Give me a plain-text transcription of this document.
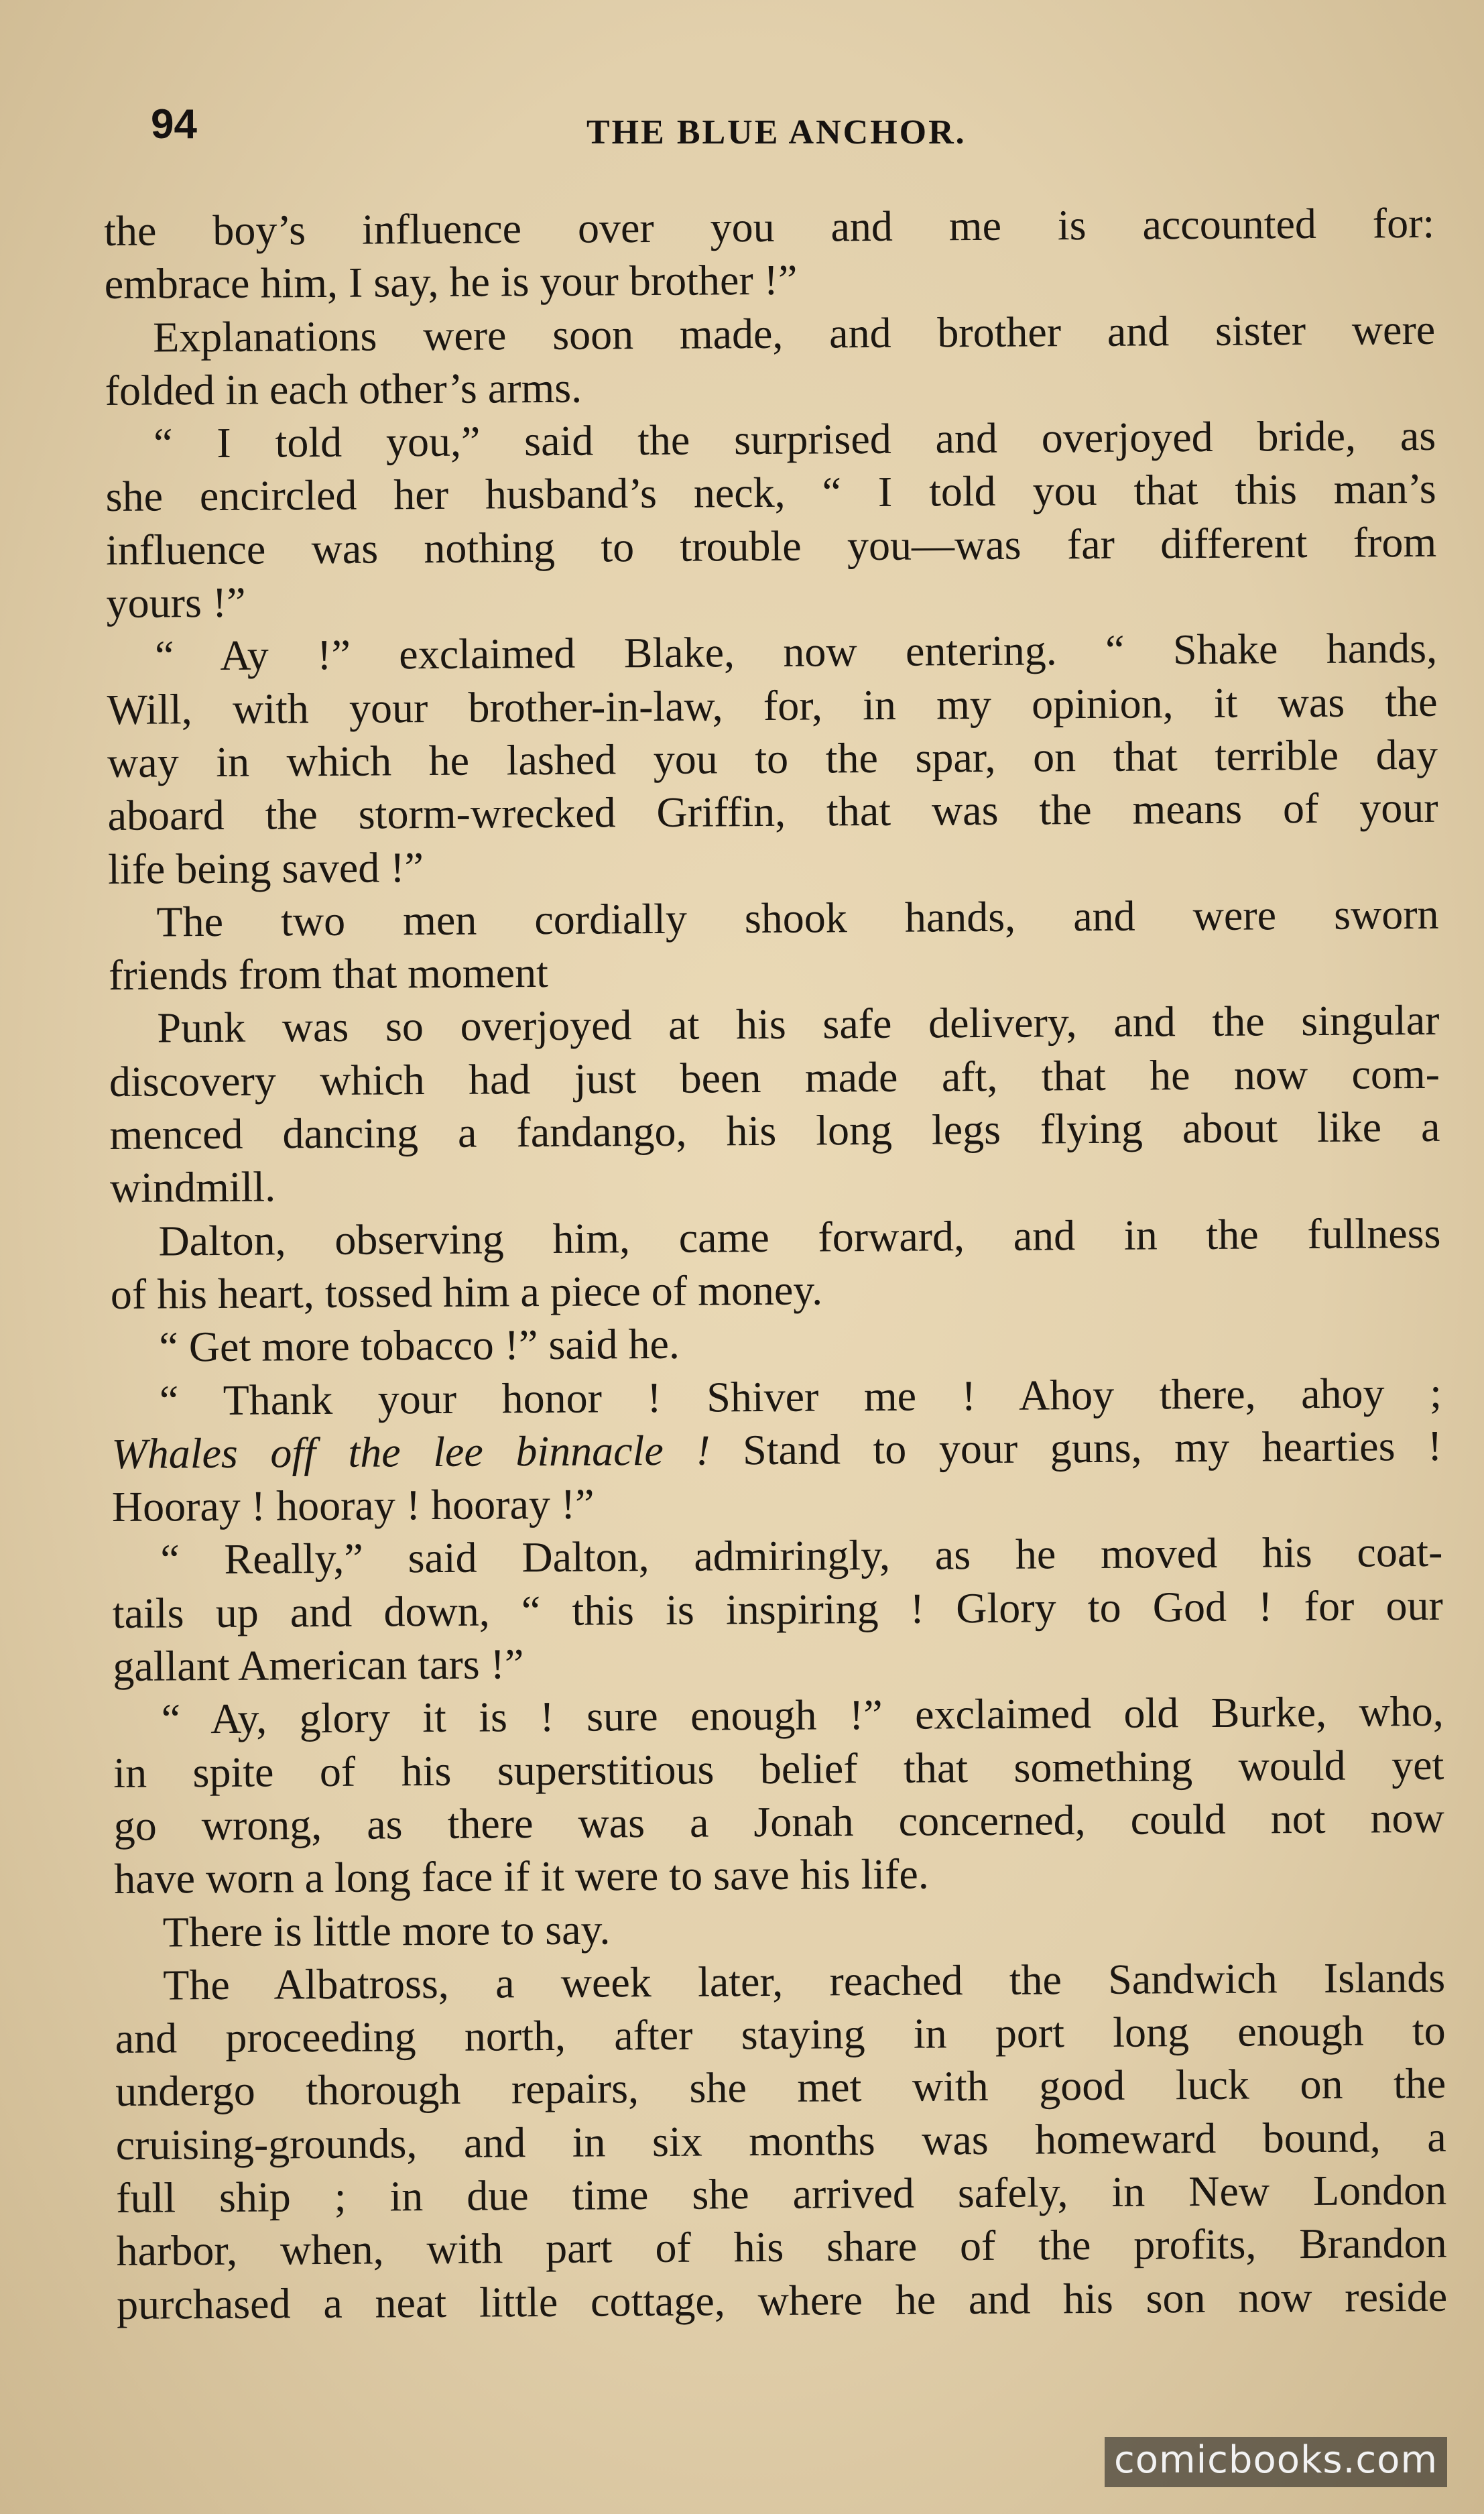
94	THE BLUE ANCHOR.
the boy’s influence over you and me is accounted for:
embrace him, I say, he is your brother !”
Explanations were soon made, and brother and sister were
folded in each other’s arms.
“ I told you,” said the surprised and overjoyed bride, as
she encircled her husband’s neck, “ I told you that this man’s
influence was nothing to trouble you—was far different from
yours !”
“ Ay !” exclaimed Blake, now entering. “ Shake hands,
Will, with your brother-in-law, for, in my opinion, it was the
way in which he lashed you to the spar, on that terrible day
aboard the storm-wrecked Griffin, that was the means of your
life being saved !”
The two men cordially shook hands, and were sworn
friends from that moment
Punk was so overjoyed at his safe delivery, and the singular
discovery which had just been made aft, that he now com-
menced dancing a fandango, his long legs flying about like a
windmill.
Dalton, observing him, came forward, and in the fullness
of his heart, tossed him a piece of money.
“ Get more tobacco !” said he.
“ Thank your honor ! Shiver me ! Ahoy there, ahoy ;
Whales off the lee binnacle ! Stand to your guns, my hearties !
Hooray ! hooray ! hooray !”
“ Really,” said Dalton, admiringly, as he moved his coat-
tails up and down, “ this is inspiring ! Glory to God ! for our
gallant American tars !”
“ Ay, glory it is ! sure enough !” exclaimed old Burke, who,
in spite of his superstitious belief that something would yet
go wrong, as there was a Jonah concerned, could not now
have worn a long face if it were to save his life.
There is little more to say.
The Albatross, a week later, reached the Sandwich Islands
and proceeding north, after staying in port long enough to
undergo thorough repairs, she met with good luck on the
cruising-grounds, and in six months was homeward bound, a
full ship ; in due time she arrived safely, in New London
harbor, when, with part of his share of the profits, Brandon
purchased a neat little cottage, where he and his son now reside
comicbooks.com
